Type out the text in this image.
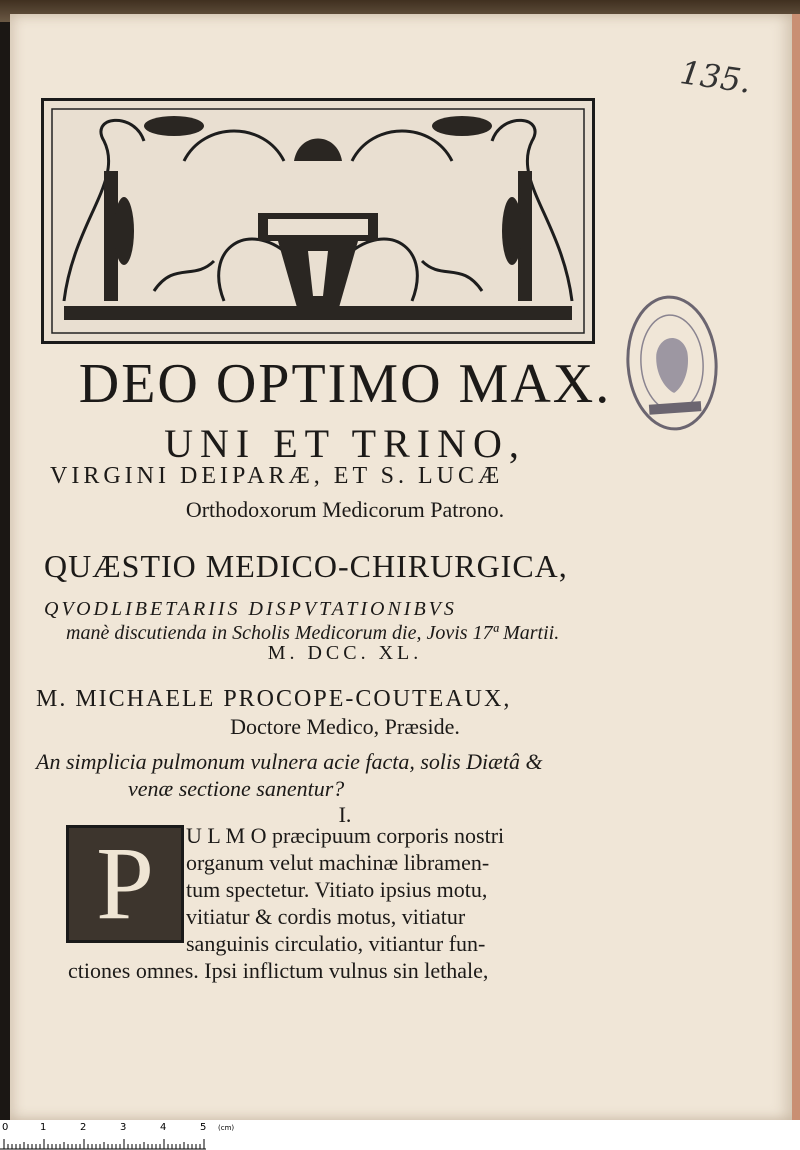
135.
DEO OPTIMO MAX.
UNI ET TRINO,
VIRGINI DEIPARÆ, ET S. LUCÆ
Orthodoxorum Medicorum Patrono.
QUÆSTIO MEDICO-CHIRURGICA,
QVODLIBETARIIS DISPVTATIONIBVS
manè discutienda in Scholis Medicorum die, Jovis 17ª Martii.
M. DCC. XL.
M. MICHAELE PROCOPE-COUTEAUX,
Doctore Medico, Præside.
An simplicia pulmonum vulnera acie facta, solis Diætâ &
venæ sectione sanentur?
I.
P	U L M O præcipuum corporis nostri
organum velut machinæ libramen-
tum spectetur. Vitiato ipsius motu,
vitiatur & cordis motus, vitiatur
sanguinis circulatio, vitiantur fun-
ctiones omnes. Ipsi inflictum vulnus sin lethale,
0	1	2	3	4	5 (cm)
